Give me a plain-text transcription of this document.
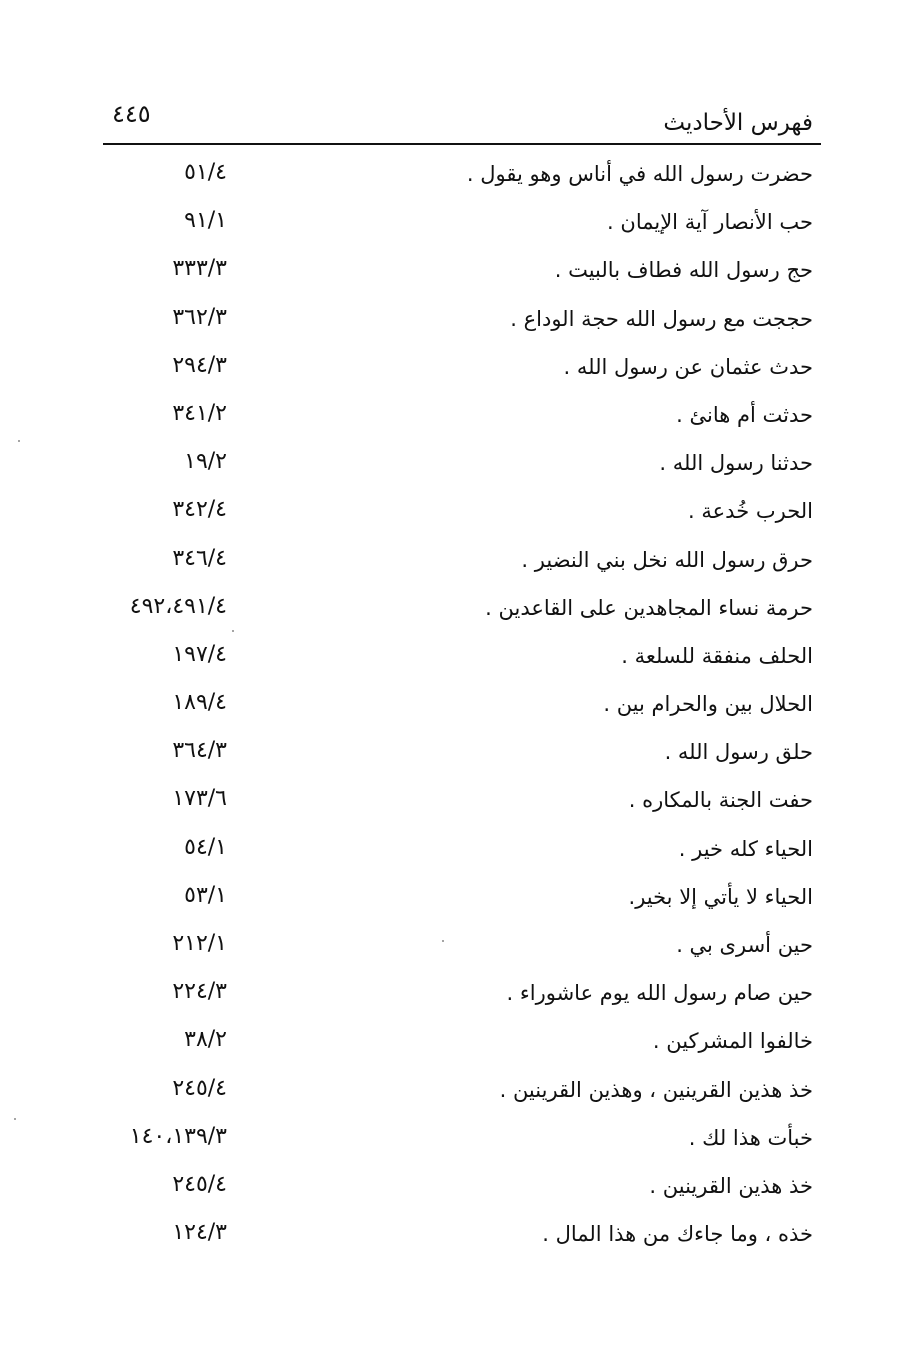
٤٤٥	فهرس الأحاديث
حضرت رسول الله في أناس وهو يقول .
٥١/٤
حب الأنصار آية الإيمان .
٩١/١
حج رسول الله فطاف بالبيت .
٣٣٣/٣
حججت مع رسول الله حجة الوداع .
٣٦٢/٣
حدث عثمان عن رسول الله .
٢٩٤/٣
حدثت أم هانئ .
٣٤١/٢
حدثنا رسول الله .
١٩/٢
الحرب خُدعة .
٣٤٢/٤
حرق رسول الله نخل بني النضير .
٣٤٦/٤
حرمة نساء المجاهدين على القاعدين .
٤٩٢،٤٩١/٤
الحلف منفقة للسلعة .
١٩٧/٤
الحلال بين والحرام بين .
١٨٩/٤
حلق رسول الله .
٣٦٤/٣
حفت الجنة بالمكاره .
١٧٣/٦
الحياء كله خير .
٥٤/١
الحياء لا يأتي إلا بخير.
٥٣/١
حين أسرى بي .
٢١٢/١
حين صام رسول الله يوم عاشوراء .
٢٢٤/٣
خالفوا المشركين .
٣٨/٢
خذ هذين القرينين ، وهذين القرينين .
٢٤٥/٤
خبأت هذا لك .
١٤٠،١٣٩/٣
خذ هذين القرينين .
٢٤٥/٤
خذه ، وما جاءك من هذا المال .
١٢٤/٣
